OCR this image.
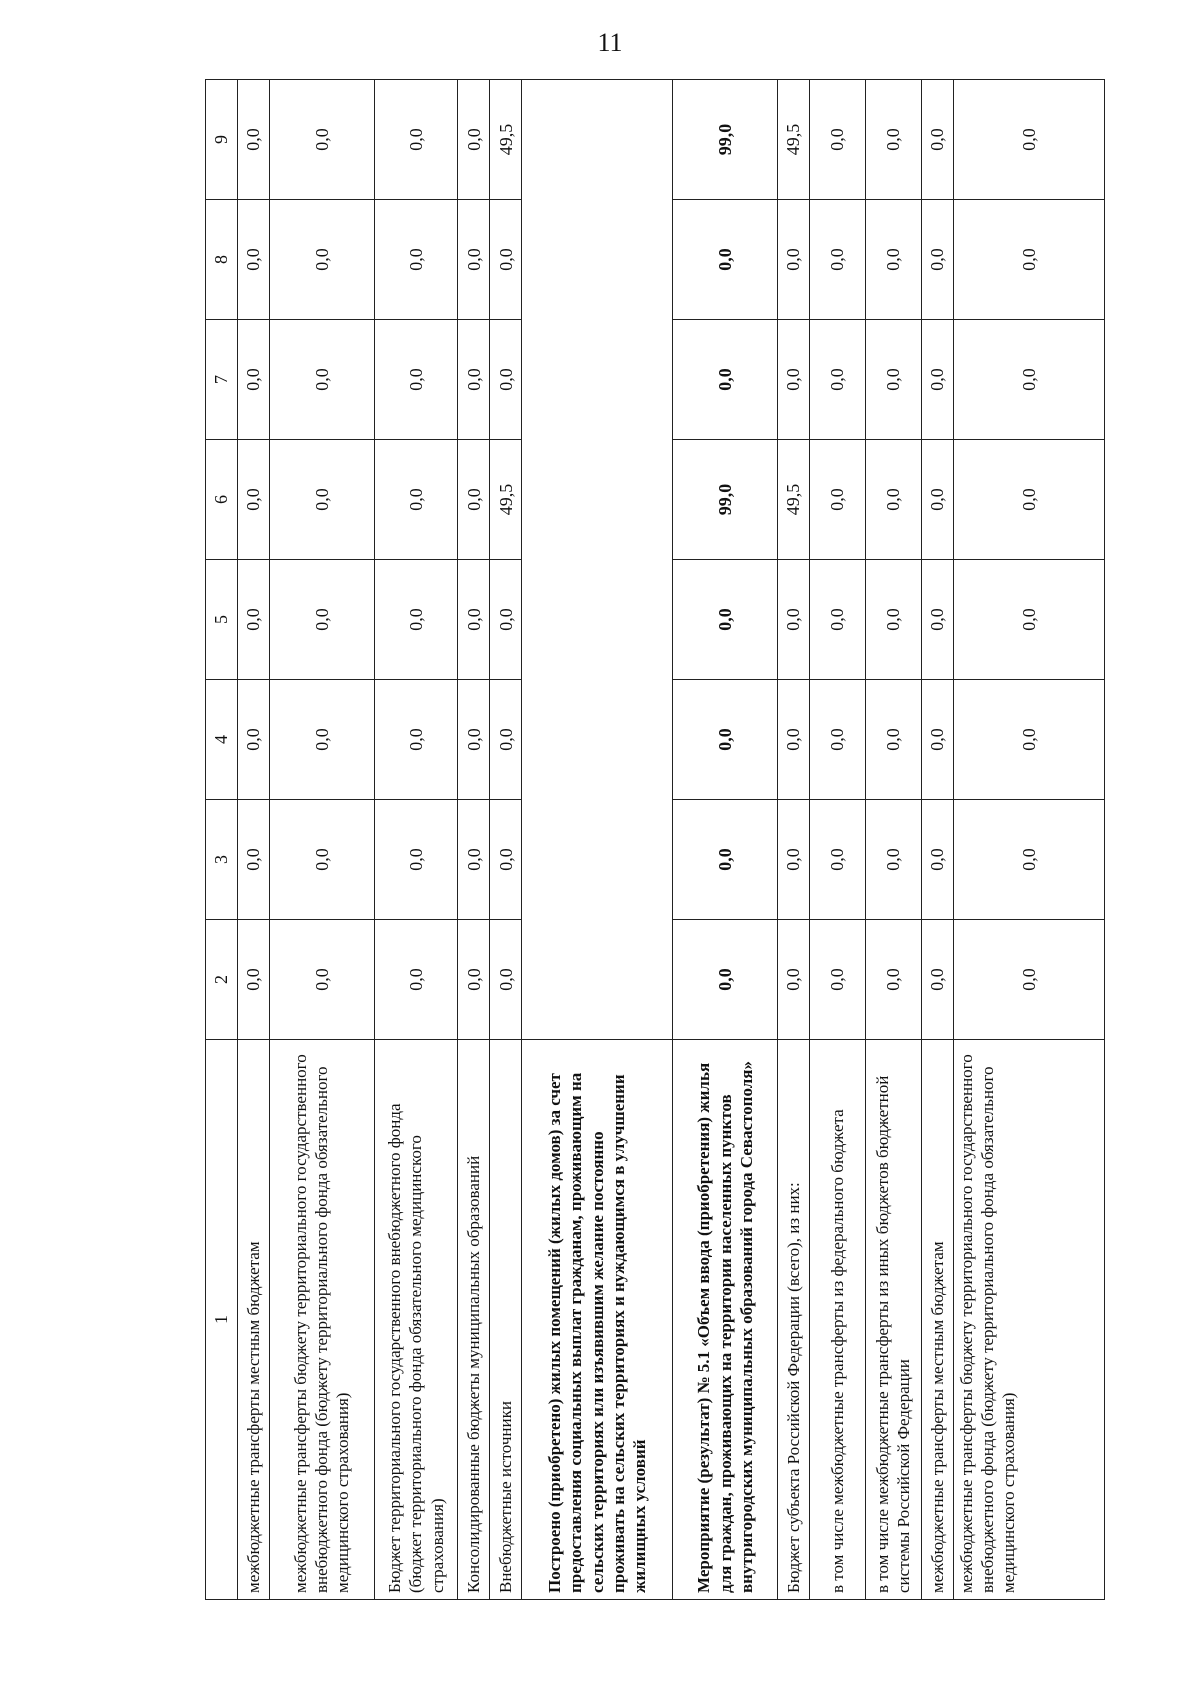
11
1	2	3	4	5	6	7	8	9
межбюджетные трансферты местным бюджетам	0,0	0,0	0,0	0,0	0,0	0,0	0,0	0,0
межбюджетные трансферты бюджету территориального государственного внебюджетного фонда (бюджету территориального фонда обязательного медицинского страхования)	0,0	0,0	0,0	0,0	0,0	0,0	0,0	0,0
Бюджет территориального государственного внебюджетного фонда (бюджет территориального фонда обязательного медицинского страхования)	0,0	0,0	0,0	0,0	0,0	0,0	0,0	0,0
Консолидированные бюджеты муниципальных образований	0,0	0,0	0,0	0,0	0,0	0,0	0,0	0,0
Внебюджетные источники	0,0	0,0	0,0	0,0	49,5	0,0	0,0	49,5
Построено (приобретено) жилых помещений (жилых домов) за счет предоставления социальных выплат гражданам, проживающим на сельских территориях или изъявившим желание постоянно проживать на сельских территориях и нуждающимся в улучшении жилищных условий								
Мероприятие (результат) № 5.1 «Объем ввода (приобретения) жилья для граждан, проживающих на территории населенных пунктов внутригородских муниципальных образований города Севастополя»	0,0	0,0	0,0	0,0	99,0	0,0	0,0	99,0
Бюджет субъекта Российской Федерации (всего), из них:	0,0	0,0	0,0	0,0	49,5	0,0	0,0	49,5
в том числе межбюджетные трансферты из федерального бюджета	0,0	0,0	0,0	0,0	0,0	0,0	0,0	0,0
в том числе межбюджетные трансферты из иных бюджетов бюджетной системы Российской Федерации	0,0	0,0	0,0	0,0	0,0	0,0	0,0	0,0
межбюджетные трансферты местным бюджетам	0,0	0,0	0,0	0,0	0,0	0,0	0,0	0,0
межбюджетные трансферты бюджету территориального государственного внебюджетного фонда (бюджету территориального фонда обязательного медицинского страхования)	0,0	0,0	0,0	0,0	0,0	0,0	0,0	0,0
